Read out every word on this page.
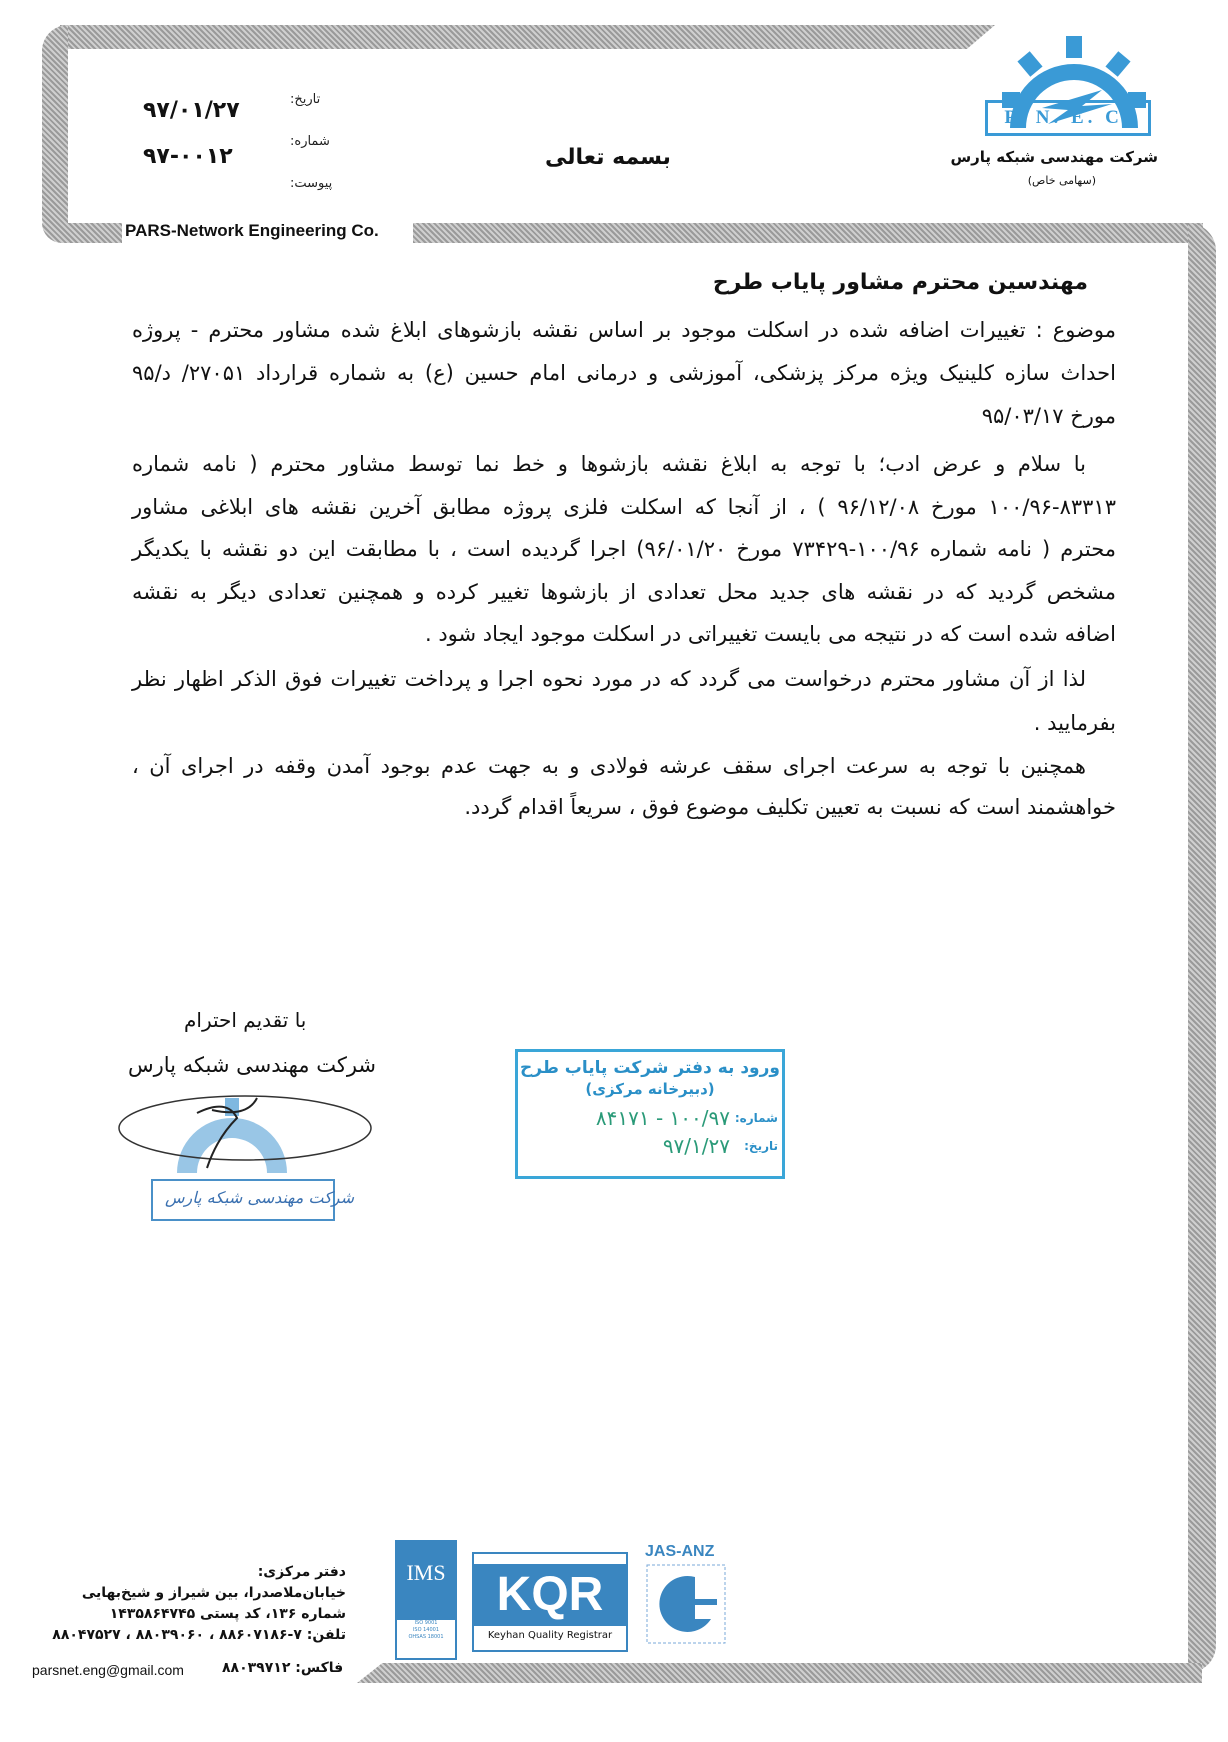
PARS-Network Engineering Co.
P. N. E. C.
شرکت مهندسی شبکه پارس
(سهامی خاص)
تاریخ:
۹۷/۰۱/۲۷
شماره:
۹۷-۰۰۱۲
پیوست:
بسمه تعالی
مهندسین محترم مشاور پایاب طرح
موضوع : تغییرات اضافه شده در اسکلت موجود بر اساس نقشه بازشوهای ابلاغ شده مشاور محترم - پروژه
احداث سازه کلینیک ویژه مرکز پزشکی، آموزشی و درمانی امام حسین (ع) به شماره قرارداد ۲۷۰۵۱/ د/۹۵
مورخ ۹۵/۰۳/۱۷
با سلام و عرض ادب؛ با توجه به ابلاغ نقشه بازشوها و خط نما توسط مشاور محترم ( نامه شماره
۱۰۰/۹۶-۸۳۳۱۳ مورخ ۹۶/۱۲/۰۸ ) ، از آنجا که اسکلت فلزی پروژه مطابق آخرین نقشه های ابلاغی مشاور
محترم ( نامه شماره ۱۰۰/۹۶-۷۳۴۲۹ مورخ ۹۶/۰۱/۲۰) اجرا گردیده است ، با مطابقت این دو نقشه با یکدیگر
مشخص گردید که در نقشه های جدید محل تعدادی از بازشوها تغییر کرده و همچنین تعدادی دیگر به نقشه
اضافه شده است که در نتیجه می بایست تغییراتی در اسکلت موجود ایجاد شود .
لذا از آن مشاور محترم درخواست می گردد که در مورد نحوه اجرا و پرداخت تغییرات فوق الذکر اظهار نظر
بفرمایید .
همچنین با توجه به سرعت اجرای سقف عرشه فولادی و به جهت عدم بوجود آمدن وقفه در اجرای آن ،
خواهشمند است که نسبت به تعیین تکلیف موضوع فوق ، سریعاً اقدام گردد.
با تقدیم احترام
شرکت مهندسی شبکه پارس
شرکت مهندسی شبکه پارس
ورود به دفتر شرکت پایاب طرح
(دبیرخانه مرکزی)
شماره:
۱۰۰/۹۷ - ۸۴۱۷۱
تاریخ:
۹۷/۱/۲۷
دفتر مرکزی:
خیابان‌ملاصدرا، بین شیراز و شیخ‌بهایی
شماره ۱۳۶، کد پستی ۱۴۳۵۸۶۴۷۴۵
تلفن: ۷-۸۸۶۰۷۱۸۶ ، ۸۸۰۳۹۰۶۰ ، ۸۸۰۴۷۵۲۷
فاکس: ۸۸۰۳۹۷۱۲
parsnet.eng@gmail.com
IMS
ISO 9001
ISO 14001
OHSAS 18001
KQR
Keyhan Quality Registrar
JAS-ANZ
